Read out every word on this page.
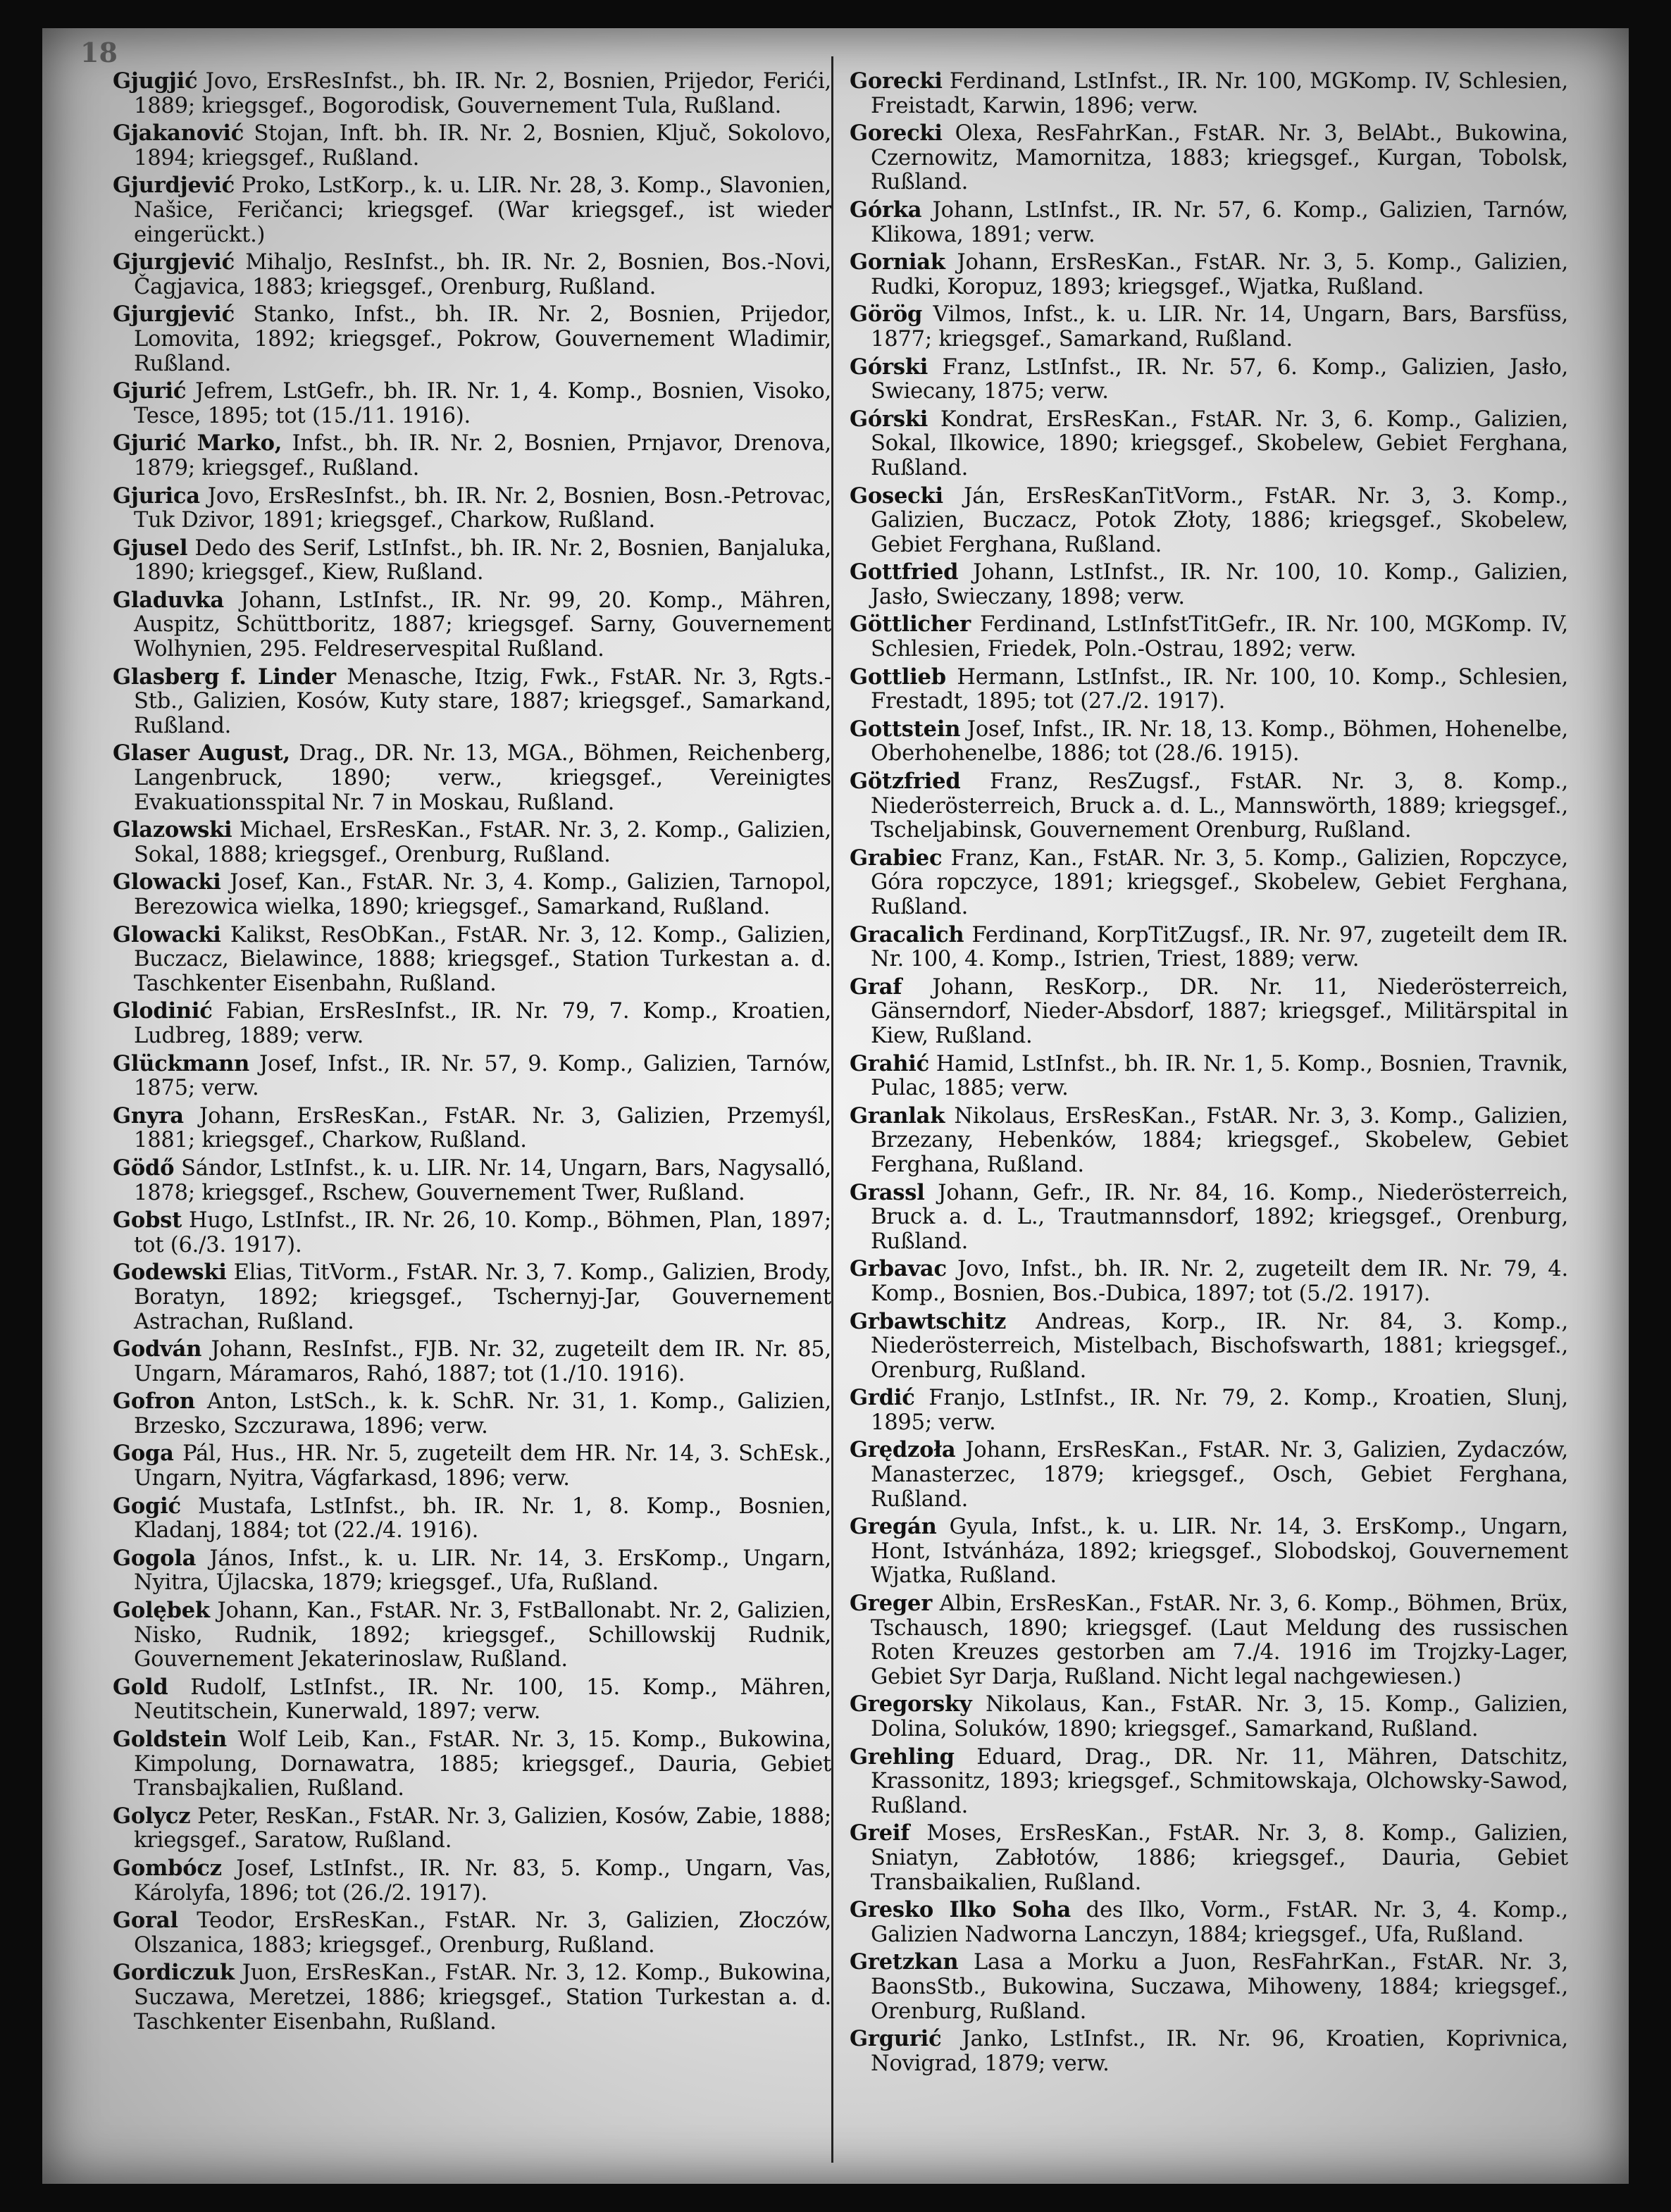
18

Gjugjić Jovo, ErsResInfst., bh. IR. Nr. 2, Bosnien, Prijedor, Ferići, 1889; kriegsgef., Bogorodisk, Gouvernement Tula, Rußland.

Gjakanović Stojan, Inft. bh. IR. Nr. 2, Bosnien, Ključ, Sokolovo, 1894; kriegsgef., Rußland.

Gjurdjević Proko, LstKorp., k. u. LIR. Nr. 28, 3. Komp., Slavonien, Našice, Feričanci; kriegsgef. (War kriegsgef., ist wieder eingerückt.)

Gjurgjević Mihaljo, ResInfst., bh. IR. Nr. 2, Bosnien, Bos.-Novi, Čagjavica, 1883; kriegsgef., Orenburg, Rußland.

Gjurgjević Stanko, Infst., bh. IR. Nr. 2, Bosnien, Prijedor, Lomovita, 1892; kriegsgef., Pokrow, Gouvernement Wladimir, Rußland.

Gjurić Jefrem, LstGefr., bh. IR. Nr. 1, 4. Komp., Bosnien, Visoko, Tesce, 1895; tot (15./11. 1916).

Gjurić Marko, Infst., bh. IR. Nr. 2, Bosnien, Prnjavor, Drenova, 1879; kriegsgef., Rußland.

Gjurica Jovo, ErsResInfst., bh. IR. Nr. 2, Bosnien, Bosn.-Petrovac, Tuk Dzivor, 1891; kriegsgef., Charkow, Rußland.

Gjusel Dedo des Serif, LstInfst., bh. IR. Nr. 2, Bosnien, Banjaluka, 1890; kriegsgef., Kiew, Rußland.

Gladuvka Johann, LstInfst., IR. Nr. 99, 20. Komp., Mähren, Auspitz, Schüttboritz, 1887; kriegsgef. Sarny, Gouvernement Wolhynien, 295. Feldreservespital Rußland.

Glasberg f. Linder Menasche, Itzig, Fwk., FstAR. Nr. 3, Rgts.-Stb., Galizien, Kosów, Kuty stare, 1887; kriegsgef., Samarkand, Rußland.

Glaser August, Drag., DR. Nr. 13, MGA., Böhmen, Reichenberg, Langenbruck, 1890; verw., kriegsgef., Vereinigtes Evakuationsspital Nr. 7 in Moskau, Rußland.

Glazowski Michael, ErsResKan., FstAR. Nr. 3, 2. Komp., Galizien, Sokal, 1888; kriegsgef., Orenburg, Rußland.

Glowacki Josef, Kan., FstAR. Nr. 3, 4. Komp., Galizien, Tarnopol, Berezowica wielka, 1890; kriegsgef., Samarkand, Rußland.

Glowacki Kalikst, ResObKan., FstAR. Nr. 3, 12. Komp., Galizien, Buczacz, Bielawince, 1888; kriegsgef., Station Turkestan a. d. Taschkenter Eisenbahn, Rußland.

Glodinić Fabian, ErsResInfst., IR. Nr. 79, 7. Komp., Kroatien, Ludbreg, 1889; verw.

Glückmann Josef, Infst., IR. Nr. 57, 9. Komp., Galizien, Tarnów, 1875; verw.

Gnyra Johann, ErsResKan., FstAR. Nr. 3, Galizien, Przemyśl, 1881; kriegsgef., Charkow, Rußland.

Gödő Sándor, LstInfst., k. u. LIR. Nr. 14, Ungarn, Bars, Nagysalló, 1878; kriegsgef., Rschew, Gouvernement Twer, Rußland.

Gobst Hugo, LstInfst., IR. Nr. 26, 10. Komp., Böhmen, Plan, 1897; tot (6./3. 1917).

Godewski Elias, TitVorm., FstAR. Nr. 3, 7. Komp., Galizien, Brody, Boratyn, 1892; kriegsgef., Tschernyj-Jar, Gouvernement Astrachan, Rußland.

Godván Johann, ResInfst., FJB. Nr. 32, zugeteilt dem IR. Nr. 85, Ungarn, Máramaros, Rahó, 1887; tot (1./10. 1916).

Gofron Anton, LstSch., k. k. SchR. Nr. 31, 1. Komp., Galizien, Brzesko, Szczurawa, 1896; verw.

Goga Pál, Hus., HR. Nr. 5, zugeteilt dem HR. Nr. 14, 3. SchEsk., Ungarn, Nyitra, Vágfarkasd, 1896; verw.

Gogić Mustafa, LstInfst., bh. IR. Nr. 1, 8. Komp., Bosnien, Kladanj, 1884; tot (22./4. 1916).

Gogola János, Infst., k. u. LIR. Nr. 14, 3. ErsKomp., Ungarn, Nyitra, Újlacska, 1879; kriegsgef., Ufa, Rußland.

Golębek Johann, Kan., FstAR. Nr. 3, FstBallonabt. Nr. 2, Galizien, Nisko, Rudnik, 1892; kriegsgef., Schillowskij Rudnik, Gouvernement Jekaterinoslaw, Rußland.

Gold Rudolf, LstInfst., IR. Nr. 100, 15. Komp., Mähren, Neutitschein, Kunerwald, 1897; verw.

Goldstein Wolf Leib, Kan., FstAR. Nr. 3, 15. Komp., Bukowina, Kimpolung, Dornawatra, 1885; kriegsgef., Dauria, Gebiet Transbajkalien, Rußland.

Golycz Peter, ResKan., FstAR. Nr. 3, Galizien, Kosów, Zabie, 1888; kriegsgef., Saratow, Rußland.

Gombócz Josef, LstInfst., IR. Nr. 83, 5. Komp., Ungarn, Vas, Károlyfa, 1896; tot (26./2. 1917).

Goral Teodor, ErsResKan., FstAR. Nr. 3, Galizien, Złoczów, Olszanica, 1883; kriegsgef., Orenburg, Rußland.

Gordiczuk Juon, ErsResKan., FstAR. Nr. 3, 12. Komp., Bukowina, Suczawa, Meretzei, 1886; kriegsgef., Station Turkestan a. d. Taschkenter Eisenbahn, Rußland.

Gorecki Ferdinand, LstInfst., IR. Nr. 100, MGKomp. IV, Schlesien, Freistadt, Karwin, 1896; verw.

Gorecki Olexa, ResFahrKan., FstAR. Nr. 3, BelAbt., Bukowina, Czernowitz, Mamornitza, 1883; kriegsgef., Kurgan, Tobolsk, Rußland.

Górka Johann, LstInfst., IR. Nr. 57, 6. Komp., Galizien, Tarnów, Klikowa, 1891; verw.

Gorniak Johann, ErsResKan., FstAR. Nr. 3, 5. Komp., Galizien, Rudki, Koropuz, 1893; kriegsgef., Wjatka, Rußland.

Görög Vilmos, Infst., k. u. LIR. Nr. 14, Ungarn, Bars, Barsfüss, 1877; kriegsgef., Samarkand, Rußland.

Górski Franz, LstInfst., IR. Nr. 57, 6. Komp., Galizien, Jasło, Swiecany, 1875; verw.

Górski Kondrat, ErsResKan., FstAR. Nr. 3, 6. Komp., Galizien, Sokal, Ilkowice, 1890; kriegsgef., Skobelew, Gebiet Ferghana, Rußland.

Gosecki Ján, ErsResKanTitVorm., FstAR. Nr. 3, 3. Komp., Galizien, Buczacz, Potok Złoty, 1886; kriegsgef., Skobelew, Gebiet Ferghana, Rußland.

Gottfried Johann, LstInfst., IR. Nr. 100, 10. Komp., Galizien, Jasło, Swieczany, 1898; verw.

Göttlicher Ferdinand, LstInfstTitGefr., IR. Nr. 100, MGKomp. IV, Schlesien, Friedek, Poln.-Ostrau, 1892; verw.

Gottlieb Hermann, LstInfst., IR. Nr. 100, 10. Komp., Schlesien, Frestadt, 1895; tot (27./2. 1917).

Gottstein Josef, Infst., IR. Nr. 18, 13. Komp., Böhmen, Hohenelbe, Oberhohenelbe, 1886; tot (28./6. 1915).

Götzfried Franz, ResZugsf., FstAR. Nr. 3, 8. Komp., Niederösterreich, Bruck a. d. L., Mannswörth, 1889; kriegsgef., Tscheljabinsk, Gouvernement Orenburg, Rußland.

Grabiec Franz, Kan., FstAR. Nr. 3, 5. Komp., Galizien, Ropczyce, Góra ropczyce, 1891; kriegsgef., Skobelew, Gebiet Ferghana, Rußland.

Gracalich Ferdinand, KorpTitZugsf., IR. Nr. 97, zugeteilt dem IR. Nr. 100, 4. Komp., Istrien, Triest, 1889; verw.

Graf Johann, ResKorp., DR. Nr. 11, Niederösterreich, Gänserndorf, Nieder-Absdorf, 1887; kriegsgef., Militärspital in Kiew, Rußland.

Grahić Hamid, LstInfst., bh. IR. Nr. 1, 5. Komp., Bosnien, Travnik, Pulac, 1885; verw.

Granlak Nikolaus, ErsResKan., FstAR. Nr. 3, 3. Komp., Galizien, Brzezany, Hebenków, 1884; kriegsgef., Skobelew, Gebiet Ferghana, Rußland.

Grassl Johann, Gefr., IR. Nr. 84, 16. Komp., Niederösterreich, Bruck a. d. L., Trautmannsdorf, 1892; kriegsgef., Orenburg, Rußland.

Grbavac Jovo, Infst., bh. IR. Nr. 2, zugeteilt dem IR. Nr. 79, 4. Komp., Bosnien, Bos.-Dubica, 1897; tot (5./2. 1917).

Grbawtschitz Andreas, Korp., IR. Nr. 84, 3. Komp., Niederösterreich, Mistelbach, Bischofswarth, 1881; kriegsgef., Orenburg, Rußland.

Grdić Franjo, LstInfst., IR. Nr. 79, 2. Komp., Kroatien, Slunj, 1895; verw.

Grędzoła Johann, ErsResKan., FstAR. Nr. 3, Galizien, Zydaczów, Manasterzec, 1879; kriegsgef., Osch, Gebiet Ferghana, Rußland.

Gregán Gyula, Infst., k. u. LIR. Nr. 14, 3. ErsKomp., Ungarn, Hont, Istvánháza, 1892; kriegsgef., Slobodskoj, Gouvernement Wjatka, Rußland.

Greger Albin, ErsResKan., FstAR. Nr. 3, 6. Komp., Böhmen, Brüx, Tschausch, 1890; kriegsgef. (Laut Meldung des russischen Roten Kreuzes gestorben am 7./4. 1916 im Trojzky-Lager, Gebiet Syr Darja, Rußland. Nicht legal nachgewiesen.)

Gregorsky Nikolaus, Kan., FstAR. Nr. 3, 15. Komp., Galizien, Dolina, Soluków, 1890; kriegsgef., Samarkand, Rußland.

Grehling Eduard, Drag., DR. Nr. 11, Mähren, Datschitz, Krassonitz, 1893; kriegsgef., Schmitowskaja, Olchowsky-Sawod, Rußland.

Greif Moses, ErsResKan., FstAR. Nr. 3, 8. Komp., Galizien, Sniatyn, Zabłotów, 1886; kriegsgef., Dauria, Gebiet Transbaikalien, Rußland.

Gresko Ilko Soha des Ilko, Vorm., FstAR. Nr. 3, 4. Komp., Galizien Nadworna Lanczyn, 1884; kriegsgef., Ufa, Rußland.

Gretzkan Lasa a Morku a Juon, ResFahrKan., FstAR. Nr. 3, BaonsStb., Bukowina, Suczawa, Mihoweny, 1884; kriegsgef., Orenburg, Rußland.

Grgurić Janko, LstInfst., IR. Nr. 96, Kroatien, Koprivnica, Novigrad, 1879; verw.
